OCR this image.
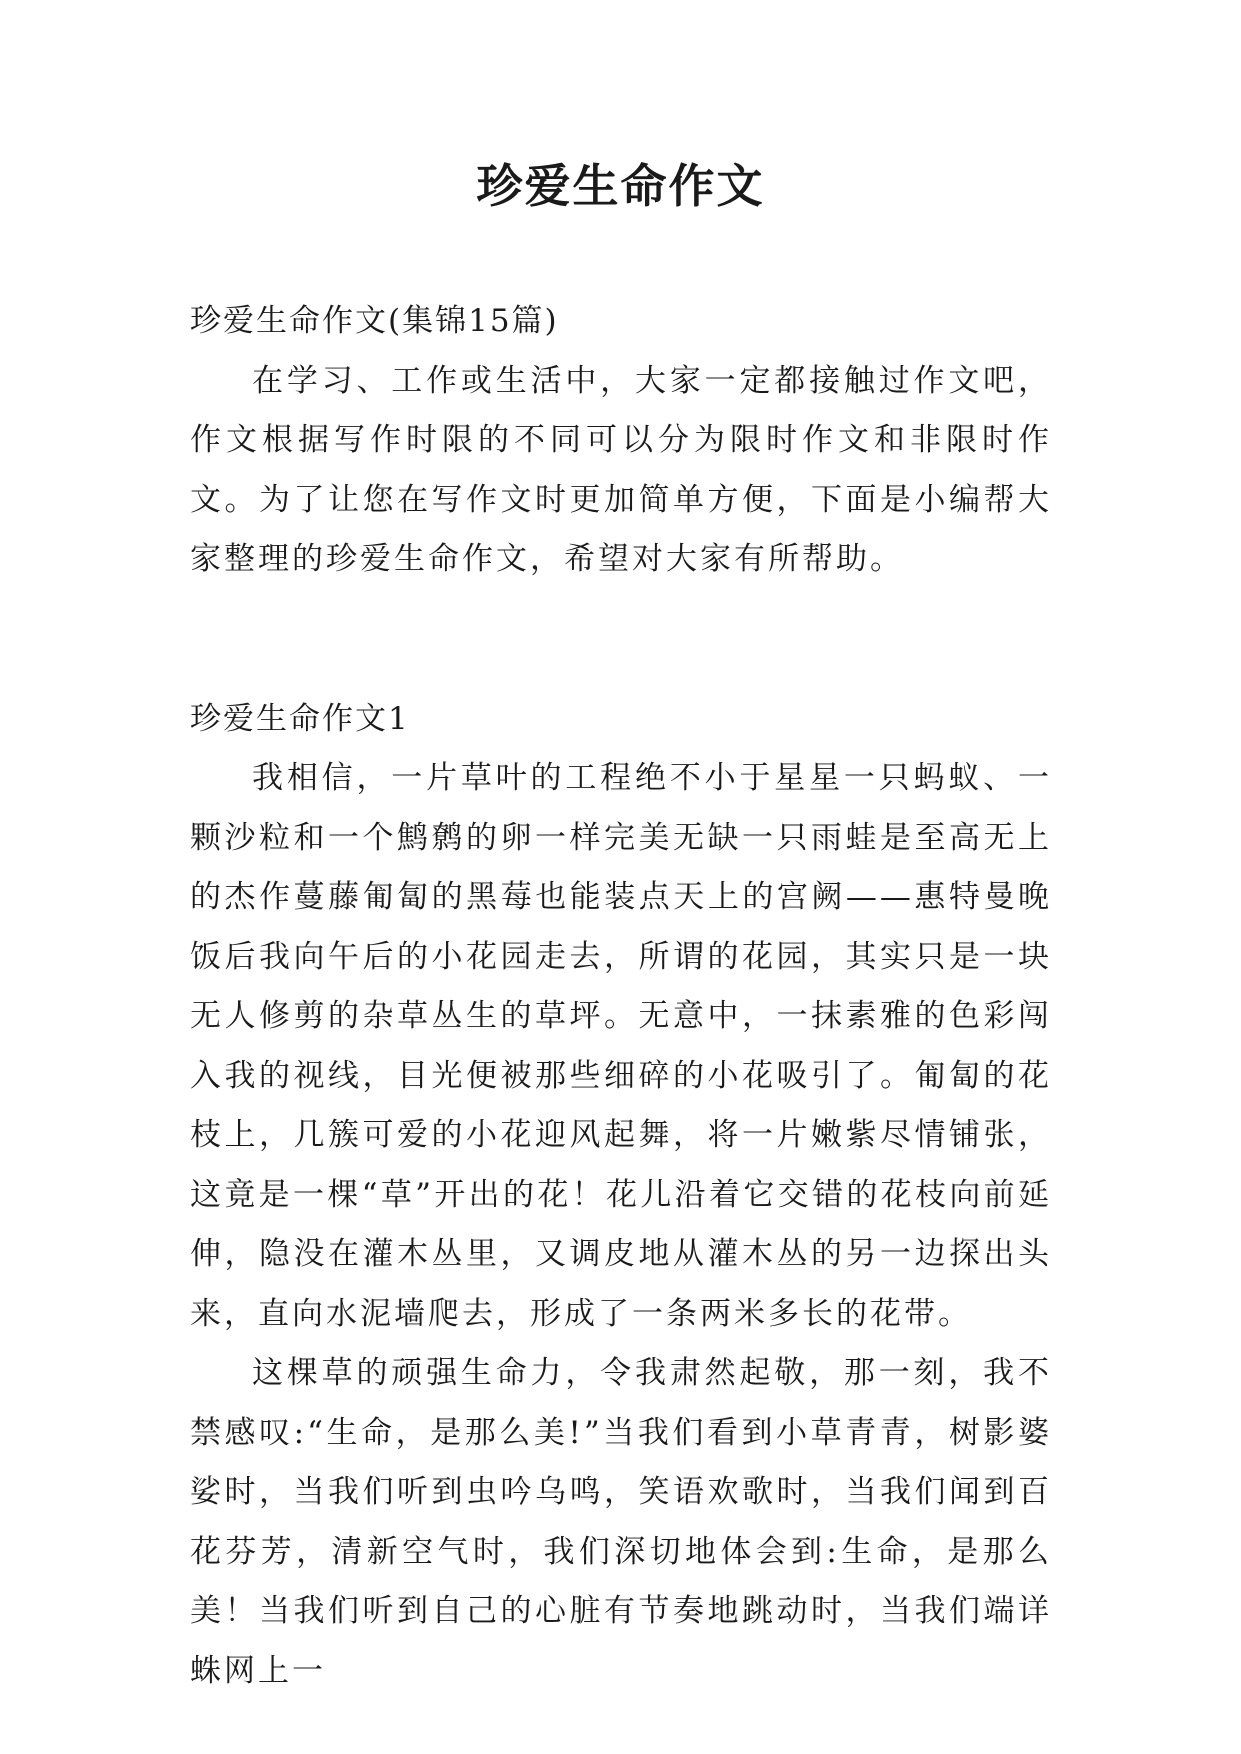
珍爱生命作文

珍爱生命作文(集锦15篇)

在学习、工作或生活中，大家一定都接触过作文吧，作文根据写作时限的不同可以分为限时作文和非限时作文。为了让您在写作文时更加简单方便，下面是小编帮大家整理的珍爱生命作文，希望对大家有所帮助。

珍爱生命作文1

我相信，一片草叶的工程绝不小于星星一只蚂蚁、一颗沙粒和一个鹪鹩的卵一样完美无缺一只雨蛙是至高无上的杰作蔓藤匍匐的黑莓也能装点天上的宫阙——惠特曼晚饭后我向午后的小花园走去，所谓的花园，其实只是一块无人修剪的杂草丛生的草坪。无意中，一抹素雅的色彩闯入我的视线，目光便被那些细碎的小花吸引了。匍匐的花枝上，几簇可爱的小花迎风起舞，将一片嫩紫尽情铺张，这竟是一棵“草”开出的花！花儿沿着它交错的花枝向前延伸，隐没在灌木丛里，又调皮地从灌木丛的另一边探出头来，直向水泥墙爬去，形成了一条两米多长的花带。

这棵草的顽强生命力，令我肃然起敬，那一刻，我不禁感叹:“生命，是那么美!”当我们看到小草青青，树影婆娑时，当我们听到虫吟乌鸣，笑语欢歌时，当我们闻到百花芬芳，清新空气时，我们深切地体会到:生命，是那么美！当我们听到自己的心脏有节奏地跳动时，当我们端详蛛网上一
